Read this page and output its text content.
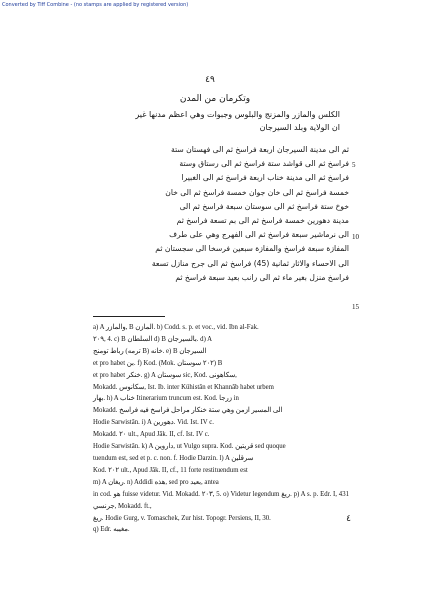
Converted by Tiff Combine - (no stamps are applied by registered version)
٤٩
وتكرمان من المدن
الكلس والمازر والمزنج والبلوس وجبوات وهي اعظم مدنها غير
ان الولاية وبلد السيرجان
ثم الى مدينة السيرجان اربعة فراسخ ثم الى فهستان ستة
فراسخ ثم الى قواشد ستة فراسخ ثم الى رستاق وستة
فراسخ ثم الى مدينة خناب اربعة فراسخ ثم الى الغبيرا
خمسة فراسخ ثم الى خان جوان خمسة فراسخ ثم الى خان
خوخ ستة فراسخ ثم الى سوستان سبعة فراسخ ثم الى
مدينة دهورين خمسة فراسخ ثم الى بم تسعة فراسخ ثم
الى نرماشير سبعة فراسخ ثم الى الفهرج وهي على طرف
المفازة سبعة فراسخ والمفازة سبعين فرسخا الى سجستان ثم
الى الاحساء والاثار ثمانية (45) فراسخ ثم الى جرج منازل تسعة
فراسخ منزل بغير ماء ثم الى رانب بعيد سبعة فراسخ ثم
5
10
15

a) A والمازر, B المازن. b) Codd. s. p. et voc., vid. Ibn al-Fak.

٢٠٩, 4. c) B السلطان d) B بالسيرجان. d) A

رباط تومنج (ترمه B) خانه. e) B السيرجان

et pro habet بن. f) Kod. (Mok. ٢٠٢ سوستان) B

et pro habet خنكر. g) A سوستان sic, Kod. سكاهونى,

Mokadd. سكانوس, Ist. Ib. inter Kühistân et Khannâb habet urbem

بهار. h) A خناب Itinerarium truncum est. Kod. زرجا in

Mokadd. الى المسير ازمن وهي ستة خنكار مراحل فراسخ فيه فراسخ

Hodie Sarwistân. i) A دهورين. Vid. Ist. IV c.

Mokadd. ٢٠ ult., Apud Jâk. II, cf. Ist. IV c.

Hodie Sarwistân. k) A داروين, ut Vulgo supra. Kod. قريتين sed quoque

tuendum est, sed et p. c. non. f. Hodie Darzin. l) A سرقلين

Kod. ٢٠٢ ult., Apud Jâk. II, cf., 11 forte restituendum est

m) A ريغان. n) Addidi هذه, sed pro بعيد, antea

in cod. هو fuisse videtur. Vid. Mokadd. ٢٠٣, 5. o) Videtur legendum ريغ. p) A s. p. Edr. I, 431 جرنسي, Mokadd. ft.,

ريغ. Hodie Gurg, v. Tomaschek, Zur hist. Topogr. Persiens, II, 30.

q) Edr. مغيبه.

٤
